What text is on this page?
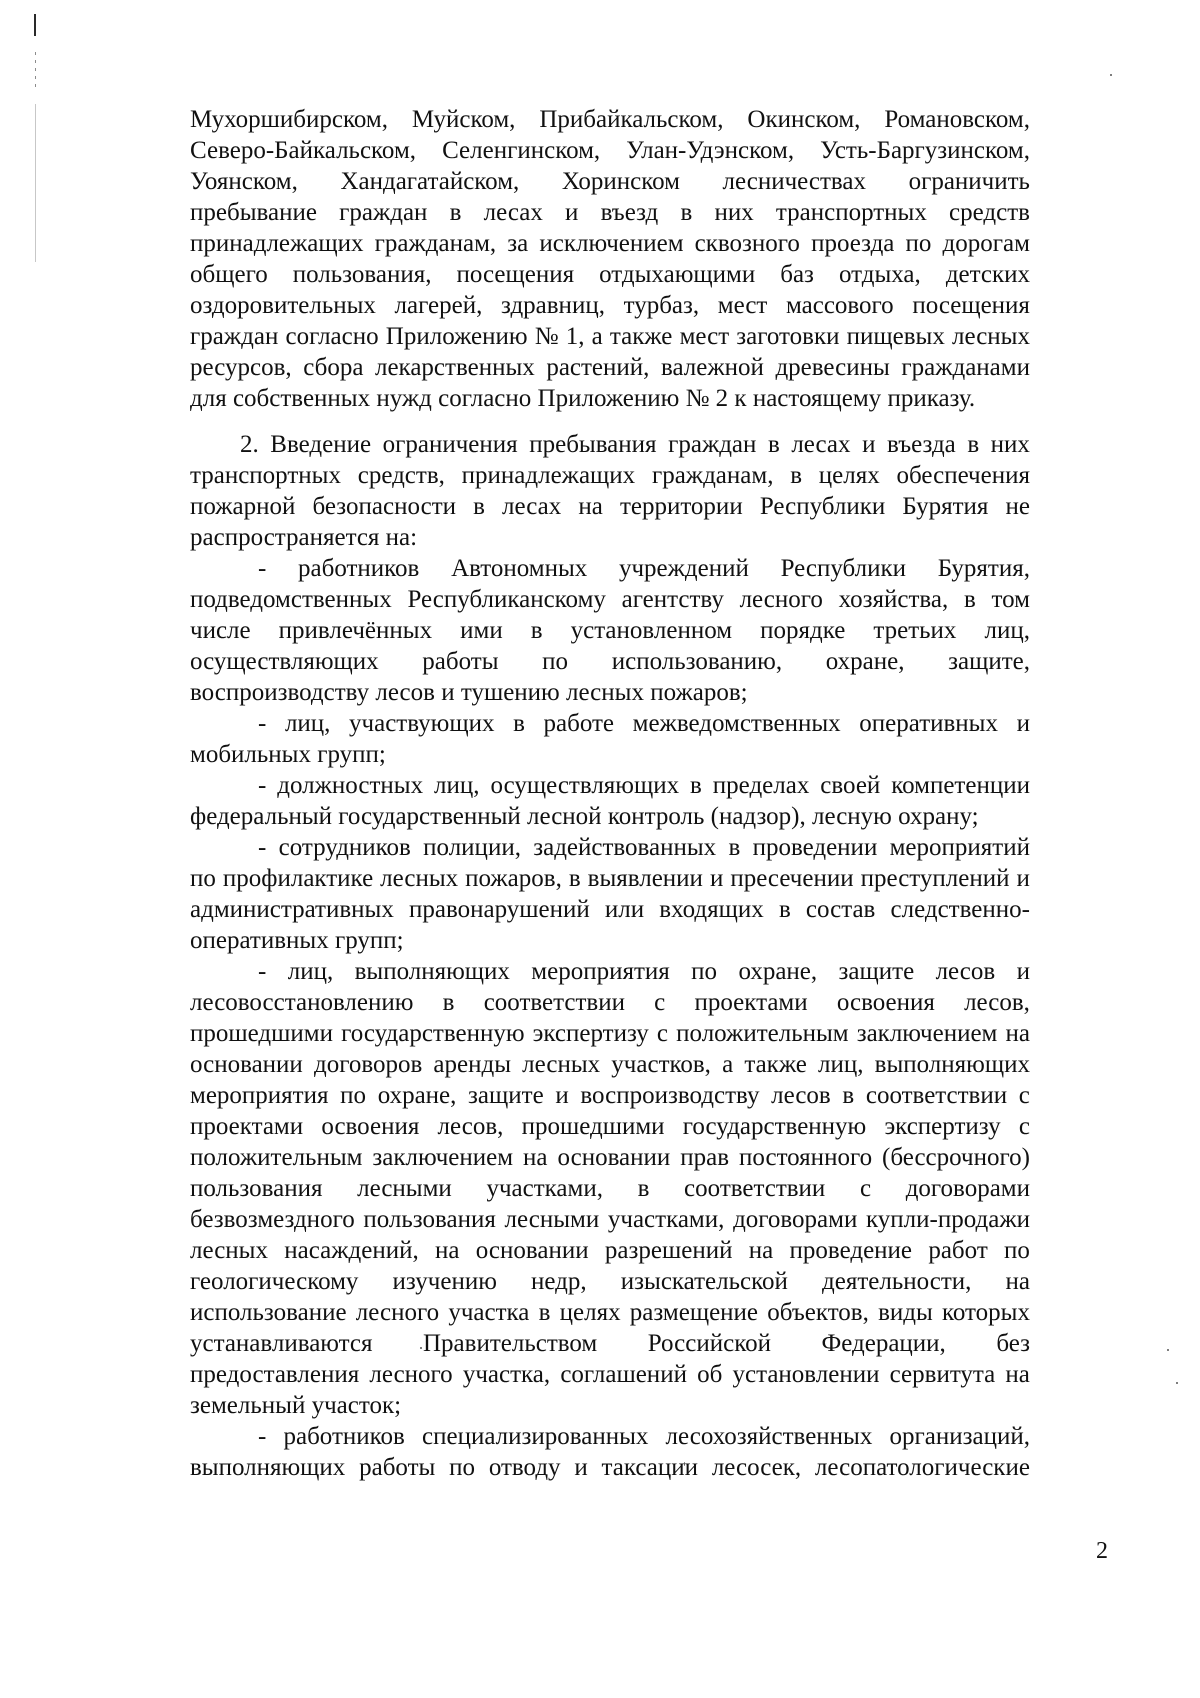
Мухоршибирском, Муйском, Прибайкальском, Окинском, Романовском,
Северо-Байкальском, Селенгинском, Улан-Удэнском, Усть-Баргузинском,
Уоянском, Хандагатайском, Хоринском лесничествах ограничить
пребывание граждан в лесах и въезд в них транспортных средств
принадлежащих гражданам, за исключением сквозного проезда по дорогам
общего пользования, посещения отдыхающими баз отдыха, детских
оздоровительных лагерей, здравниц, турбаз, мест массового посещения
граждан согласно Приложению № 1, а также мест заготовки пищевых лесных
ресурсов, сбора лекарственных растений, валежной древесины гражданами
для
собственных
нужд
согласно
Приложению
№
2
к
настоящему
приказу.
2. Введение ограничения пребывания граждан в лесах и въезда в них
транспортных средств, принадлежащих гражданам, в целях обеспечения
пожарной безопасности в лесах на территории Республики Бурятия не
распространяется
на:
- работников Автономных учреждений Республики Бурятия,
подведомственных Республиканскому агентству лесного хозяйства, в том
числе привлечённых ими в установленном порядке третьих лиц,
осуществляющих работы по использованию, охране, защите,
воспроизводству
лесов
и
тушению
лесных
пожаров;
- лиц, участвующих в работе межведомственных оперативных и
мобильных
групп;
- должностных лиц, осуществляющих в пределах своей компетенции
федеральный
государственный
лесной
контроль
(надзор),
лесную
охрану;
- сотрудников полиции, задействованных в проведении мероприятий
по профилактике лесных пожаров, в выявлении и пресечении преступлений и
административных правонарушений или входящих в состав следственно-
оперативных
групп;
- лиц, выполняющих мероприятия по охране, защите лесов и
лесовосстановлению в соответствии с проектами освоения лесов,
прошедшими государственную экспертизу с положительным заключением на
основании договоров аренды лесных участков, а также лиц, выполняющих
мероприятия по охране, защите и воспроизводству лесов в соответствии с
проектами освоения лесов, прошедшими государственную экспертизу с
положительным заключением на основании прав постоянного (бессрочного)
пользования лесными участками, в соответствии с договорами
безвозмездного пользования лесными участками, договорами купли-продажи
лесных насаждений, на основании разрешений на проведение работ по
геологическому изучению недр, изыскательской деятельности, на
использование лесного участка в целях размещение объектов, виды которых
устанавливаются Правительством Российской Федерации, без
предоставления лесного участка, соглашений об установлении сервитута на
земельный
участок;
- работников специализированных лесохозяйственных организаций,
выполняющих работы по отводу и таксации лесосек, лесопатологические
2
